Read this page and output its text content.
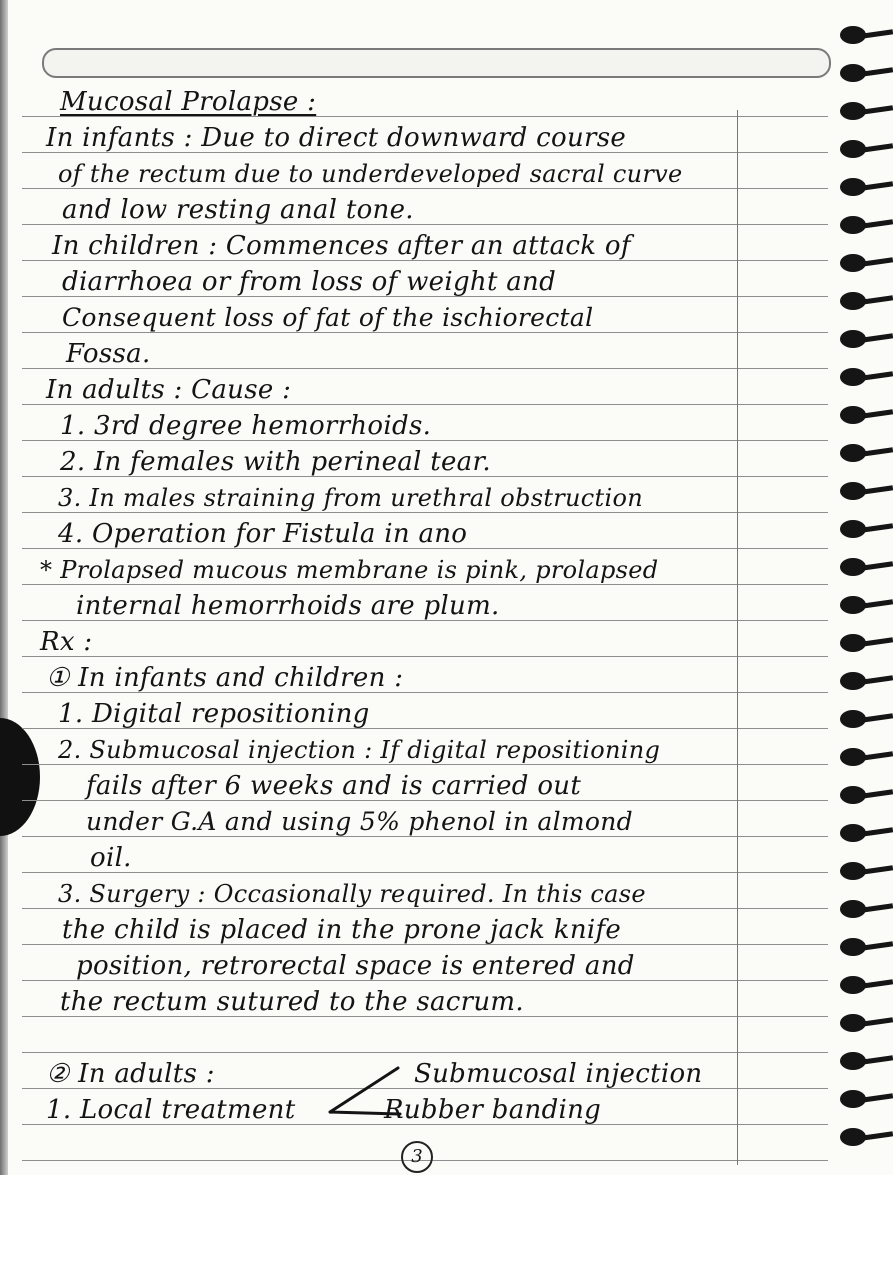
Mucosal Prolapse :
In infants : Due to direct downward course
of the rectum due to underdeveloped sacral curve
and low resting anal tone.
In children : Commences after an attack of
diarrhoea or from loss of weight and
Consequent loss of fat of the ischiorectal
Fossa.
In adults : Cause :
1. 3rd degree hemorrhoids.
2. In females with perineal tear.
3. In males straining from urethral obstruction
4. Operation for Fistula in ano
* Prolapsed mucous membrane is pink, prolapsed
internal hemorrhoids are plum.
Rx :
① In infants and children :
1. Digital repositioning
2. Submucosal injection : If digital repositioning
fails after 6 weeks and is carried out
under G.A and using 5% phenol in almond
oil.
3. Surgery : Occasionally required. In this case
the child is placed in the prone jack knife
position, retrorectal space is entered and
the rectum sutured to the sacrum.
② In adults :	Submucosal injection
1. Local treatment	Rubber banding
3
